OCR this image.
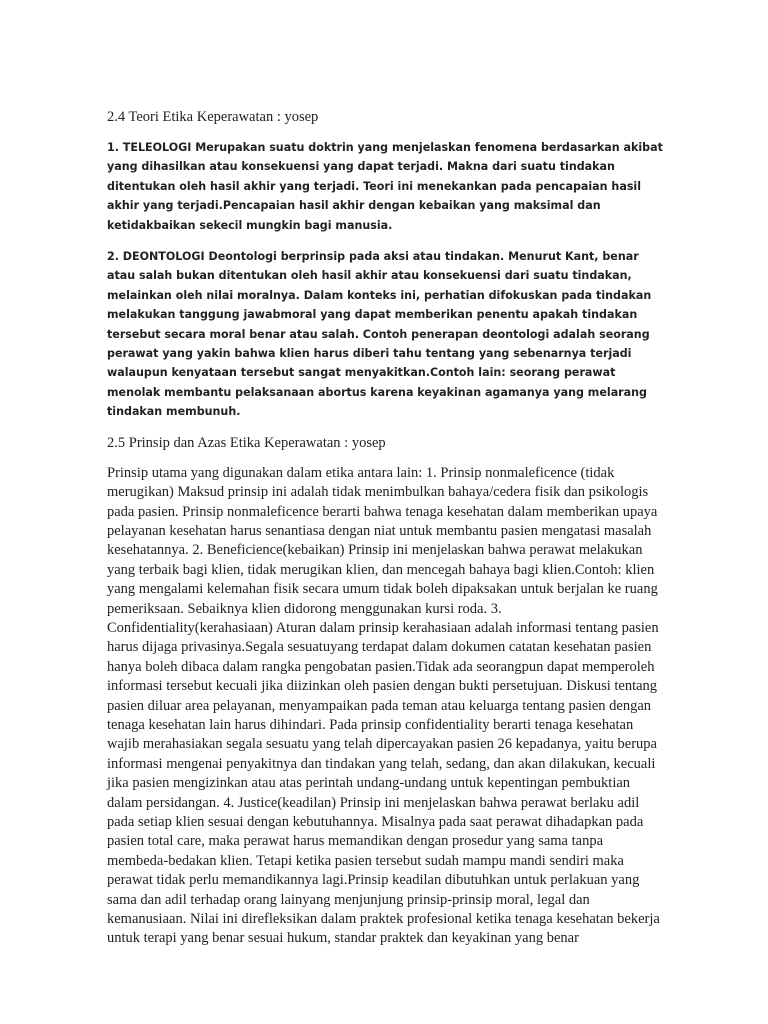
2.4 Teori Etika Keperawatan : yosep

1. TELEOLOGI Merupakan suatu doktrin yang menjelaskan fenomena berdasarkan akibat yang dihasilkan atau konsekuensi yang dapat terjadi. Makna dari suatu tindakan ditentukan oleh hasil akhir yang terjadi. Teori ini menekankan pada pencapaian hasil akhir yang terjadi.Pencapaian hasil akhir dengan kebaikan yang maksimal dan ketidakbaikan sekecil mungkin bagi manusia.

2. DEONTOLOGI Deontologi berprinsip pada aksi atau tindakan. Menurut Kant, benar atau salah bukan ditentukan oleh hasil akhir atau konsekuensi dari suatu tindakan, melainkan oleh nilai moralnya. Dalam konteks ini, perhatian difokuskan pada tindakan melakukan tanggung jawabmoral yang dapat memberikan penentu apakah tindakan tersebut secara moral benar atau salah. Contoh penerapan deontologi adalah seorang perawat yang yakin bahwa klien harus diberi tahu tentang yang sebenarnya terjadi walaupun kenyataan tersebut sangat menyakitkan.Contoh lain: seorang perawat menolak membantu pelaksanaan abortus karena keyakinan agamanya yang melarang tindakan membunuh.

2.5 Prinsip dan Azas Etika Keperawatan : yosep

Prinsip utama yang digunakan dalam etika antara lain: 1. Prinsip nonmaleficence (tidak merugikan) Maksud prinsip ini adalah tidak menimbulkan bahaya/cedera fisik dan psikologis pada pasien. Prinsip nonmaleficence berarti bahwa tenaga kesehatan dalam memberikan upaya pelayanan kesehatan harus senantiasa dengan niat untuk membantu pasien mengatasi masalah kesehatannya. 2. Beneficience(kebaikan) Prinsip ini menjelaskan bahwa perawat melakukan yang terbaik bagi klien, tidak merugikan klien, dan mencegah bahaya bagi klien.Contoh: klien yang mengalami kelemahan fisik secara umum tidak boleh dipaksakan untuk berjalan ke ruang pemeriksaan. Sebaiknya klien didorong menggunakan kursi roda. 3. Confidentiality(kerahasiaan) Aturan dalam prinsip kerahasiaan adalah informasi tentang pasien harus dijaga privasinya.Segala sesuatuyang terdapat dalam dokumen catatan kesehatan pasien hanya boleh dibaca dalam rangka pengobatan pasien.Tidak ada seorangpun dapat memperoleh informasi tersebut kecuali jika diizinkan oleh pasien dengan bukti persetujuan. Diskusi tentang pasien diluar area pelayanan, menyampaikan pada teman atau keluarga tentang pasien dengan tenaga kesehatan lain harus dihindari. Pada prinsip confidentiality berarti tenaga kesehatan wajib merahasiakan segala sesuatu yang telah dipercayakan pasien 26 kepadanya, yaitu berupa informasi mengenai penyakitnya dan tindakan yang telah, sedang, dan akan dilakukan, kecuali jika pasien mengizinkan atau atas perintah undang-undang untuk kepentingan pembuktian dalam persidangan. 4. Justice(keadilan) Prinsip ini menjelaskan bahwa perawat berlaku adil pada setiap klien sesuai dengan kebutuhannya. Misalnya pada saat perawat dihadapkan pada pasien total care, maka perawat harus memandikan dengan prosedur yang sama tanpa membeda-bedakan klien. Tetapi ketika pasien tersebut sudah mampu mandi sendiri maka perawat tidak perlu memandikannya lagi.Prinsip keadilan dibutuhkan untuk perlakuan yang sama dan adil terhadap orang lainyang menjunjung prinsip-prinsip moral, legal dan kemanusiaan. Nilai ini direfleksikan dalam praktek profesional ketika tenaga kesehatan bekerja untuk terapi yang benar sesuai hukum, standar praktek dan keyakinan yang benar
